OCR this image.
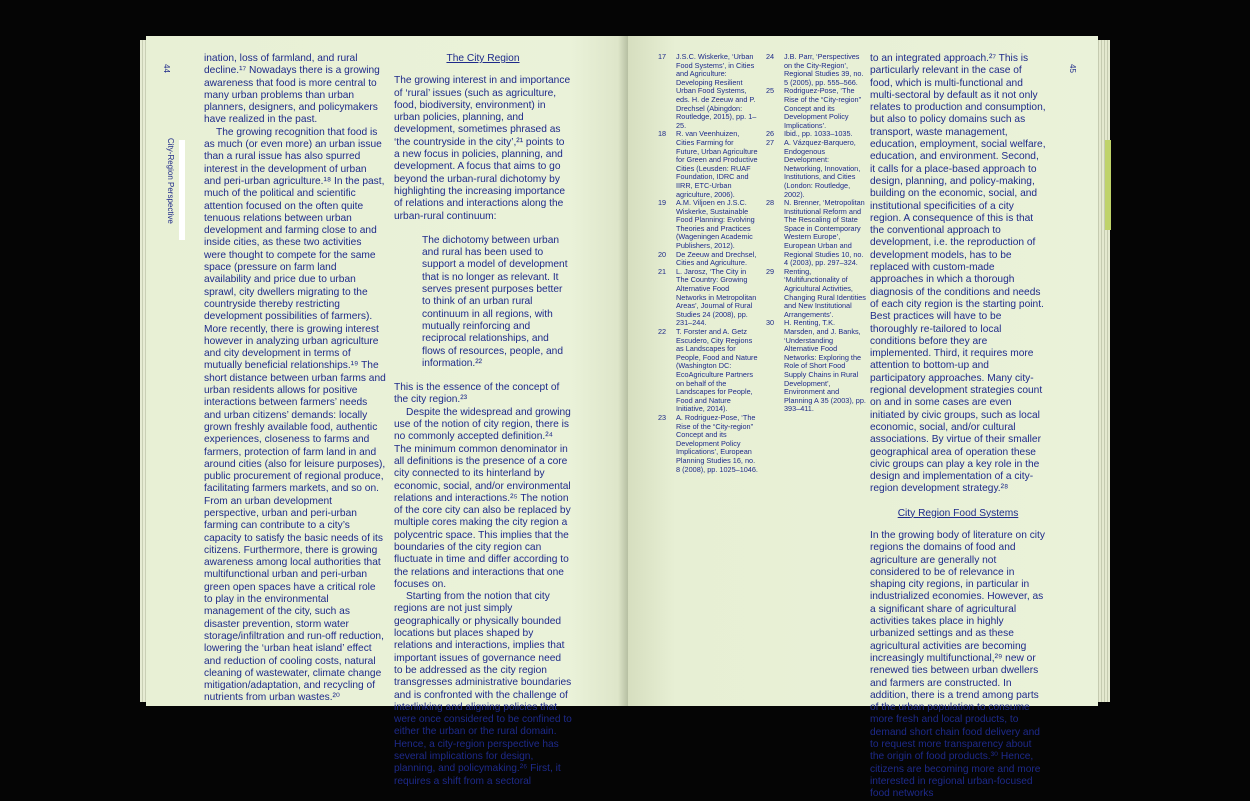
44
City-Region Perspective

ination, loss of farmland, and rural decline.¹⁷ Nowadays there is a growing awareness that food is more central to many urban problems than urban planners, designers, and policymakers have realized in the past.

The growing recognition that food is as much (or even more) an urban issue than a rural issue has also spurred interest in the development of urban and peri-urban agriculture.¹⁸ In the past, much of the political and scientific attention focused on the often quite tenuous relations between urban development and farming close to and inside cities, as these two activities were thought to compete for the same space (pressure on farm land availability and price due to urban sprawl, city dwellers migrating to the countryside thereby restricting development possibilities of farmers). More recently, there is growing interest however in analyzing urban agriculture and city development in terms of mutually beneficial relationships.¹⁹ The short distance between urban farms and urban residents allows for positive interactions between farmers’ needs and urban citizens’ demands: locally grown freshly available food, authentic experiences, closeness to farms and farmers, protection of farm land in and around cities (also for leisure purposes), public procurement of regional produce, facilitating farmers markets, and so on. From an urban development perspective, urban and peri-urban farming can contribute to a city’s capacity to satisfy the basic needs of its citizens. Furthermore, there is growing awareness among local authorities that multifunctional urban and peri-urban green open spaces have a critical role to play in the environmental management of the city, such as disaster prevention, storm water storage/infiltration and run-off reduction, lowering the ‘urban heat island’ effect and reduction of cooling costs, natural cleaning of wastewater, climate change mitigation/adaptation, and recycling of nutrients from urban wastes.²⁰

The City Region

The growing interest in and importance of ‘rural’ issues (such as agriculture, food, biodiversity, environment) in urban policies, planning, and development, sometimes phrased as ‘the countryside in the city’,²¹ points to a new focus in policies, planning, and development. A focus that aims to go beyond the urban-rural dichotomy by highlighting the increasing importance of relations and interactions along the urban-rural continuum:

The dichotomy between urban and rural has been used to support a model of development that is no longer as relevant. It serves present purposes better to think of an urban rural continuum in all regions, with mutually reinforcing and reciprocal relationships, and flows of resources, people, and information.²²

This is the essence of the concept of the city region.²³

Despite the widespread and growing use of the notion of city region, there is no commonly accepted definition.²⁴ The minimum common denominator in all definitions is the presence of a core city connected to its hinterland by economic, social, and/or environmental relations and interactions.²⁵ The notion of the core city can also be replaced by multiple cores making the city region a polycentric space. This implies that the boundaries of the city region can fluctuate in time and differ according to the relations and interactions that one focuses on.

Starting from the notion that city regions are not just simply geographically or physically bounded locations but places shaped by relations and interactions, implies that important issues of governance need to be addressed as the city region transgresses administrative boundaries and is confronted with the challenge of interlinking and aligning policies that were once considered to be confined to either the urban or the rural domain. Hence, a city-region perspective has several implications for design, planning, and policymaking.²⁶ First, it requires a shift from a sectoral

17	J.S.C. Wiskerke, ‘Urban Food Systems’, in Cities and Agriculture: Developing Resilient Urban Food Systems, eds. H. de Zeeuw and P. Drechsel (Abingdon: Routledge, 2015), pp. 1–25.
18	R. van Veenhuizen, Cities Farming for Future, Urban Agriculture for Green and Productive Cities (Leusden: RUAF Foundation, IDRC and IIRR, ETC-Urban agriculture, 2006).
19	A.M. Viljoen en J.S.C. Wiskerke, Sustainable Food Planning: Evolving Theories and Practices (Wageningen Academic Publishers, 2012).
20	De Zeeuw and Drechsel, Cities and Agriculture.
21	L. Jarosz, ‘The City in The Country: Growing Alternative Food Networks in Metropolitan Areas’, Journal of Rural Studies 24 (2008), pp. 231–244.
22	T. Forster and A. Getz Escudero, City Regions as Landscapes for People, Food and Nature (Washington DC: EcoAgriculture Partners on behalf of the Landscapes for People, Food and Nature Initiative, 2014).
23	A. Rodriguez-Pose, ‘The Rise of the “City-region” Concept and its Development Policy Implications’, European Planning Studies 16, no. 8 (2008), pp. 1025–1046.
24	J.B. Parr, ‘Perspectives on the City-Region’, Regional Studies 39, no. 5 (2005), pp. 555–566.
25	Rodriguez-Pose, ‘The Rise of the “City-region” Concept and its Development Policy Implications’.
26	Ibid., pp. 1033–1035.
27	A. Vázquez-Barquero, Endogenous Development: Networking, Innovation, Institutions, and Cities (London: Routledge, 2002).
28	N. Brenner, ‘Metropolitan Institutional Reform and The Rescaling of State Space in Contemporary Western Europe’, European Urban and Regional Studies 10, no. 4 (2003), pp. 297–324.
29	Renting, ‘Multifunctionality of Agricultural Activities, Changing Rural Identities and New Institutional Arrangements’.
30	H. Renting, T.K. Marsden, and J. Banks, ‘Understanding Alternative Food Networks: Exploring the Role of Short Food Supply Chains in Rural Development’, Environment and Planning A 35 (2003), pp. 393–411.

to an integrated approach.²⁷ This is particularly relevant in the case of food, which is multi-functional and multi-sectoral by default as it not only relates to production and consumption, but also to policy domains such as transport, waste management, education, employment, social welfare, education, and environment. Second, it calls for a place-based approach to design, planning, and policy-making, building on the economic, social, and institutional specificities of a city region. A consequence of this is that the conventional approach to development, i.e. the reproduction of development models, has to be replaced with custom-made approaches in which a thorough diagnosis of the conditions and needs of each city region is the starting point. Best practices will have to be thoroughly re-tailored to local conditions before they are implemented. Third, it requires more attention to bottom-up and participatory approaches. Many city-regional development strategies count on and in some cases are even initiated by civic groups, such as local economic, social, and/or cultural associations. By virtue of their smaller geographical area of operation these civic groups can play a key role in the design and implementation of a city-region development strategy.²⁸

City Region Food Systems

In the growing body of literature on city regions the domains of food and agriculture are generally not considered to be of relevance in shaping city regions, in particular in industrialized economies. However, as a significant share of agricultural activities takes place in highly urbanized settings and as these agricultural activities are becoming increasingly multifunctional,²⁹ new or renewed ties between urban dwellers and farmers are constructed. In addition, there is a trend among parts of the urban population to consume more fresh and local products, to demand short chain food delivery and to request more transparency about the origin of food products.³⁰ Hence, citizens are becoming more and more interested in regional urban-focused food networks

45
